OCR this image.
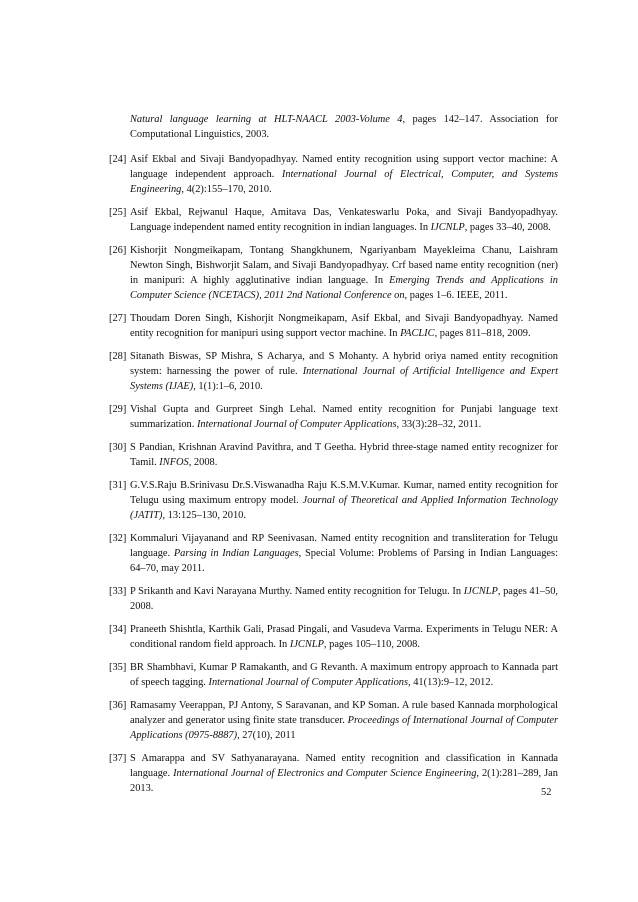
Natural language learning at HLT-NAACL 2003-Volume 4, pages 142–147. Association for Computational Linguistics, 2003.
[24] Asif Ekbal and Sivaji Bandyopadhyay. Named entity recognition using support vector machine: A language independent approach. International Journal of Electrical, Computer, and Systems Engineering, 4(2):155–170, 2010.
[25] Asif Ekbal, Rejwanul Haque, Amitava Das, Venkateswarlu Poka, and Sivaji Bandyopadhyay. Language independent named entity recognition in indian languages. In IJCNLP, pages 33–40, 2008.
[26] Kishorjit Nongmeikapam, Tontang Shangkhunem, Ngariyanbam Mayekleima Chanu, Laishram Newton Singh, Bishworjit Salam, and Sivaji Bandyopadhyay. Crf based name entity recognition (ner) in manipuri: A highly agglutinative indian language. In Emerging Trends and Applications in Computer Science (NCETACS), 2011 2nd National Conference on, pages 1–6. IEEE, 2011.
[27] Thoudam Doren Singh, Kishorjit Nongmeikapam, Asif Ekbal, and Sivaji Bandyopadhyay. Named entity recognition for manipuri using support vector machine. In PACLIC, pages 811–818, 2009.
[28] Sitanath Biswas, SP Mishra, S Acharya, and S Mohanty. A hybrid oriya named entity recognition system: harnessing the power of rule. International Journal of Artificial Intelligence and Expert Systems (IJAE), 1(1):1–6, 2010.
[29] Vishal Gupta and Gurpreet Singh Lehal. Named entity recognition for Punjabi language text summarization. International Journal of Computer Applications, 33(3):28–32, 2011.
[30] S Pandian, Krishnan Aravind Pavithra, and T Geetha. Hybrid three-stage named entity recognizer for Tamil. INFOS, 2008.
[31] G.V.S.Raju B.Srinivasu Dr.S.Viswanadha Raju K.S.M.V.Kumar. Kumar, named entity recognition for Telugu using maximum entropy model. Journal of Theoretical and Applied Information Technology (JATIT), 13:125–130, 2010.
[32] Kommaluri Vijayanand and RP Seenivasan. Named entity recognition and transliteration for Telugu language. Parsing in Indian Languages, Special Volume: Problems of Parsing in Indian Languages: 64–70, may 2011.
[33] P Srikanth and Kavi Narayana Murthy. Named entity recognition for Telugu. In IJCNLP, pages 41–50, 2008.
[34] Praneeth Shishtla, Karthik Gali, Prasad Pingali, and Vasudeva Varma. Experiments in Telugu NER: A conditional random field approach. In IJCNLP, pages 105–110, 2008.
[35] BR Shambhavi, Kumar P Ramakanth, and G Revanth. A maximum entropy approach to Kannada part of speech tagging. International Journal of Computer Applications, 41(13):9–12, 2012.
[36] Ramasamy Veerappan, PJ Antony, S Saravanan, and KP Soman. A rule based Kannada morphological analyzer and generator using finite state transducer. Proceedings of International Journal of Computer Applications (0975-8887), 27(10), 2011
[37] S Amarappa and SV Sathyanarayana. Named entity recognition and classification in Kannada language. International Journal of Electronics and Computer Science Engineering, 2(1):281–289, Jan 2013.	52
